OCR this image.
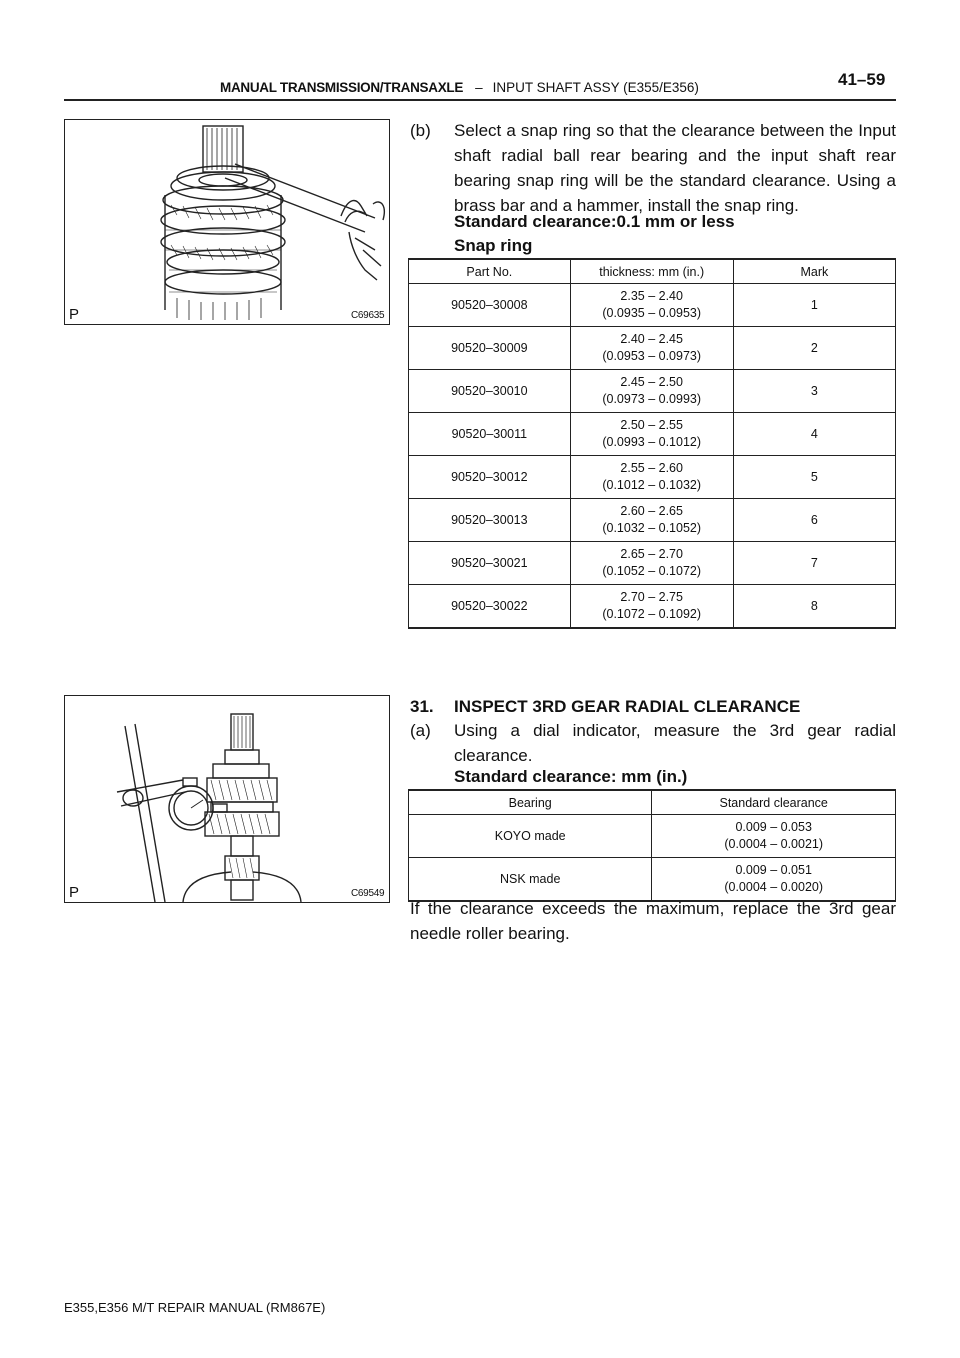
MANUAL TRANSMISSION/TRANSAXLE – INPUT SHAFT ASSY (E355/E356)	41–59
P	C69635
(b) Select a snap ring so that the clearance between the Input shaft radial ball rear bearing and the input shaft rear bearing snap ring will be the standard clearance. Using a brass bar and a hammer, install the snap ring.
Standard clearance:0.1 mm or less
Snap ring
Part No.	thickness: mm (in.)	Mark
90520–30008	2.35 – 2.40
(0.0935 – 0.0953)	1
90520–30009	2.40 – 2.45
(0.0953 – 0.0973)	2
90520–30010	2.45 – 2.50
(0.0973 – 0.0993)	3
90520–30011	2.50 – 2.55
(0.0993 – 0.1012)	4
90520–30012	2.55 – 2.60
(0.1012 – 0.1032)	5
90520–30013	2.60 – 2.65
(0.1032 – 0.1052)	6
90520–30021	2.65 – 2.70
(0.1052 – 0.1072)	7
90520–30022	2.70 – 2.75
(0.1072 – 0.1092)	8
P	C69549
31. INSPECT 3RD GEAR RADIAL CLEARANCE
(a) Using a dial indicator, measure the 3rd gear radial clearance.
Standard clearance: mm (in.)
Bearing	Standard clearance
KOYO made	0.009 – 0.053
(0.0004 – 0.0021)
NSK made	0.009 – 0.051
(0.0004 – 0.0020)
If the clearance exceeds the maximum, replace the 3rd gear needle roller bearing.
E355,E356 M/T REPAIR MANUAL (RM867E)
